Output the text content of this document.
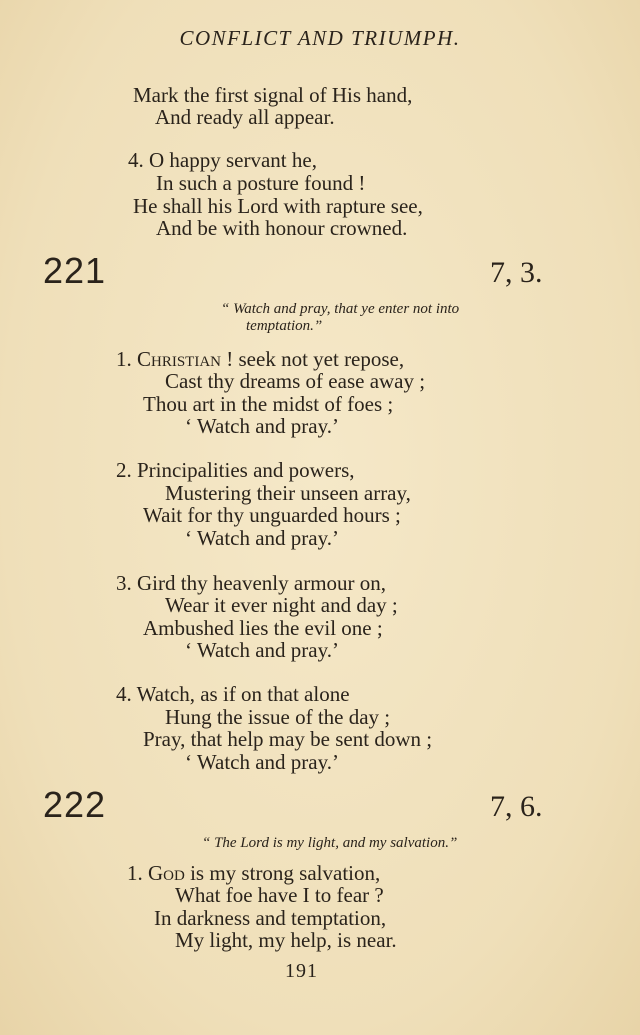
CONFLICT AND TRIUMPH.
Mark the first signal of His hand,
And ready all appear.
4. O happy servant he,
In such a posture found !
He shall his Lord with rapture see,
And be with honour crowned.
221	7, 3.
“ Watch and pray, that ye enter not into
temptation.”
1. Christian ! seek not yet repose,
Cast thy dreams of ease away ;
Thou art in the midst of foes ;
‘ Watch and pray.’
2. Principalities and powers,
Mustering their unseen array,
Wait for thy unguarded hours ;
‘ Watch and pray.’
3. Gird thy heavenly armour on,
Wear it ever night and day ;
Ambushed lies the evil one ;
‘ Watch and pray.’
4. Watch, as if on that alone
Hung the issue of the day ;
Pray, that help may be sent down ;
‘ Watch and pray.’
222	7, 6.
“ The Lord is my light, and my salvation.”
1. God is my strong salvation,
What foe have I to fear ?
In darkness and temptation,
My light, my help, is near.
191
